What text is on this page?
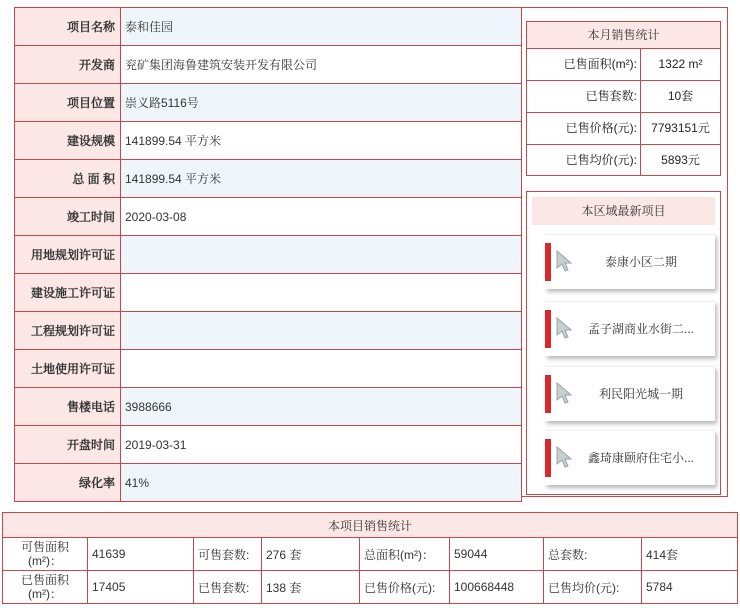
项目名称	泰和佳园
开发商	兖矿集团海鲁建筑安装开发有限公司
项目位置	崇义路5116号
建设规模	141899.54 平方米
总 面 积	141899.54 平方米
竣工时间	2020-03-08
用地规划许可证	
建设施工许可证	
工程规划许可证	
土地使用许可证	
售楼电话	3988666
开盘时间	2019-03-31
绿化率	41%
本月销售统计
已售面积(m²):	1322 m²
已售套数:	10套
已售价格(元):	7793151元
已售均价(元):	5893元
本区域最新项目
泰康小区二期
孟子湖商业水街二...
利民阳光城一期
鑫琦康颐府住宅小...
本项目销售统计							
可售面积(m²)：	41639	可售套数:	276 套	总面积(m²)：	59044	总套数:	414套
已售面积(m²)：	17405	已售套数:	138 套	已售价格(元):	100668448	已售均价(元):	5784
